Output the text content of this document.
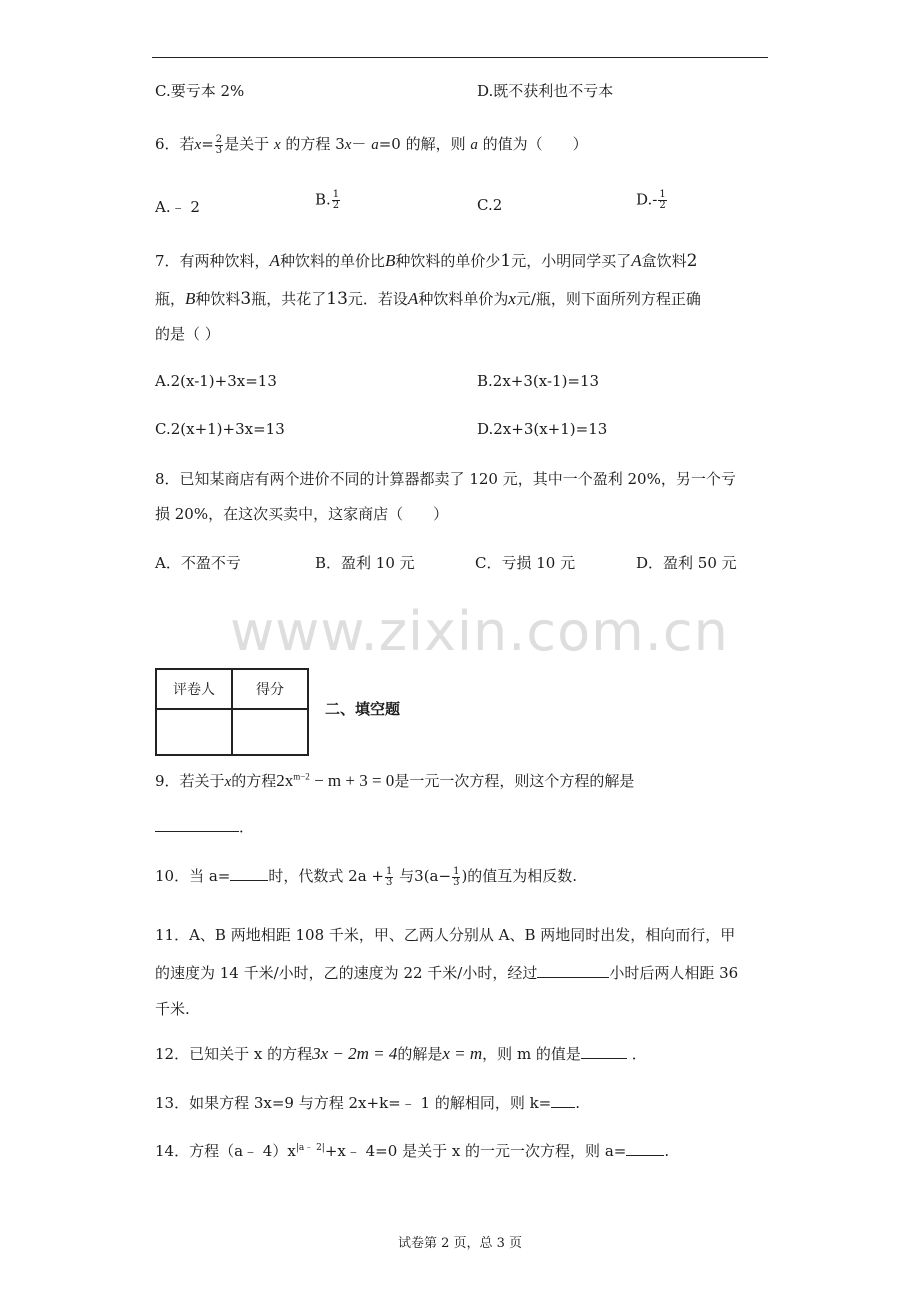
C.要亏本 2%	D.既不获利也不亏本
6．若$x= \frac{2}{3}$ 是关于 x 的方程 3x－ a=0 的解，则 a 的值为（　　）
A.﹣ 2	B. $\frac{1}{2}$	C.2	$D.- \frac{1}{2}$
7．有两种饮料，A种饮料的单价比B种饮料的单价少1元，小明同学买了A盒饮料2
瓶，B种饮料3瓶，共花了13元．若设A种饮料单价为x元/瓶，则下面所列方程正确
的是（ ）
A.2(x-1)+3x=13	B.2x+3(x-1)=13
C.2(x+1)+3x=13	D.2x+3(x+1)=13
8．已知某商店有两个进价不同的计算器都卖了 120 元，其中一个盈利 20%，另一个亏
损 20%，在这次买卖中，这家商店（　　）
A．不盈不亏	B．盈利 10 元	C．亏损 10 元	D．盈利 50 元
www.zixin.com.cn
评卷人	得分

二、填空题
9．若关于x的方程$2x^{m-2} - m + 3 = 0$是一元一次方程，则这个方程的解是
．
10．当 a=	时，代数式 $2a + \frac{1}{3}$ 与$3(a- \frac{1}{3}$ )的值互为相反数.
11．A、B 两地相距 108 千米，甲、乙两人分别从 A、B 两地同时出发，相向而行，甲
的速度为 14 千米/小时，乙的速度为 22 千米/小时，经过	小时后两人相距 36
千米.
12．已知关于 x 的方程3x − 2m = 4的解是x = m，则 m 的值是	．
13．如果方程 3x=9 与方程 2x+k=﹣ 1 的解相同，则 k= .
14．方程（a﹣ $4)x^{|a﹣ 2|}+x﹣$ 4=0 是关于 x 的一元一次方程，则 a=	.
试卷第 2 页，总 3 页
